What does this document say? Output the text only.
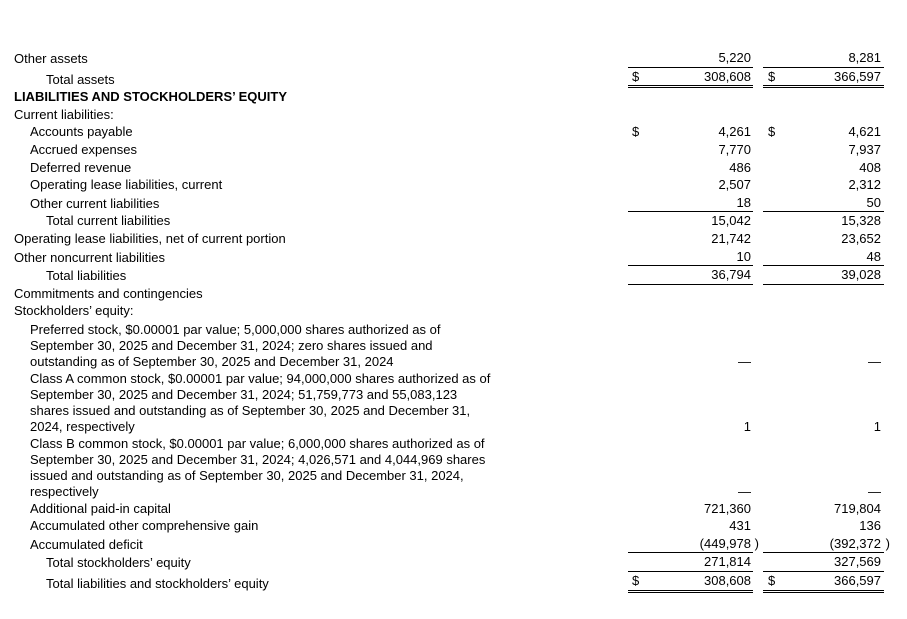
Other assets	5,220	8,281
Total assets	$	308,608 $	366,597
LIABILITIES AND STOCKHOLDERS’ EQUITY
Current liabilities:
Accounts payable	$	4,261 $	4,621
Accrued expenses	7,770	7,937
Deferred revenue	486	408
Operating lease liabilities, current	2,507	2,312
Other current liabilities	18	50
Total current liabilities	15,042	15,328
Operating lease liabilities, net of current portion	21,742	23,652
Other noncurrent liabilities	10	48
Total liabilities	36,794	39,028
Commitments and contingencies
Stockholders’ equity:
Preferred stock, $0.00001 par value; 5,000,000 shares authorized as of September 30, 2025 and December 31, 2024; zero shares issued and outstanding as of September 30, 2025 and December 31, 2024	—	—
Class A common stock, $0.00001 par value; 94,000,000 shares authorized as of September 30, 2025 and December 31, 2024; 51,759,773 and 55,083,123 shares issued and outstanding as of September 30, 2025 and December 31, 2024, respectively	1	1
Class B common stock, $0.00001 par value; 6,000,000 shares authorized as of September 30, 2025 and December 31, 2024; 4,026,571 and 4,044,969 shares issued and outstanding as of September 30, 2025 and December 31, 2024, respectively	—	—
Additional paid-in capital	721,360	719,804
Accumulated other comprehensive gain	431	136
Accumulated deficit	(449,978 )	(392,372 )
Total stockholders’ equity	271,814	327,569
Total liabilities and stockholders’ equity	$	308,608 $	366,597
